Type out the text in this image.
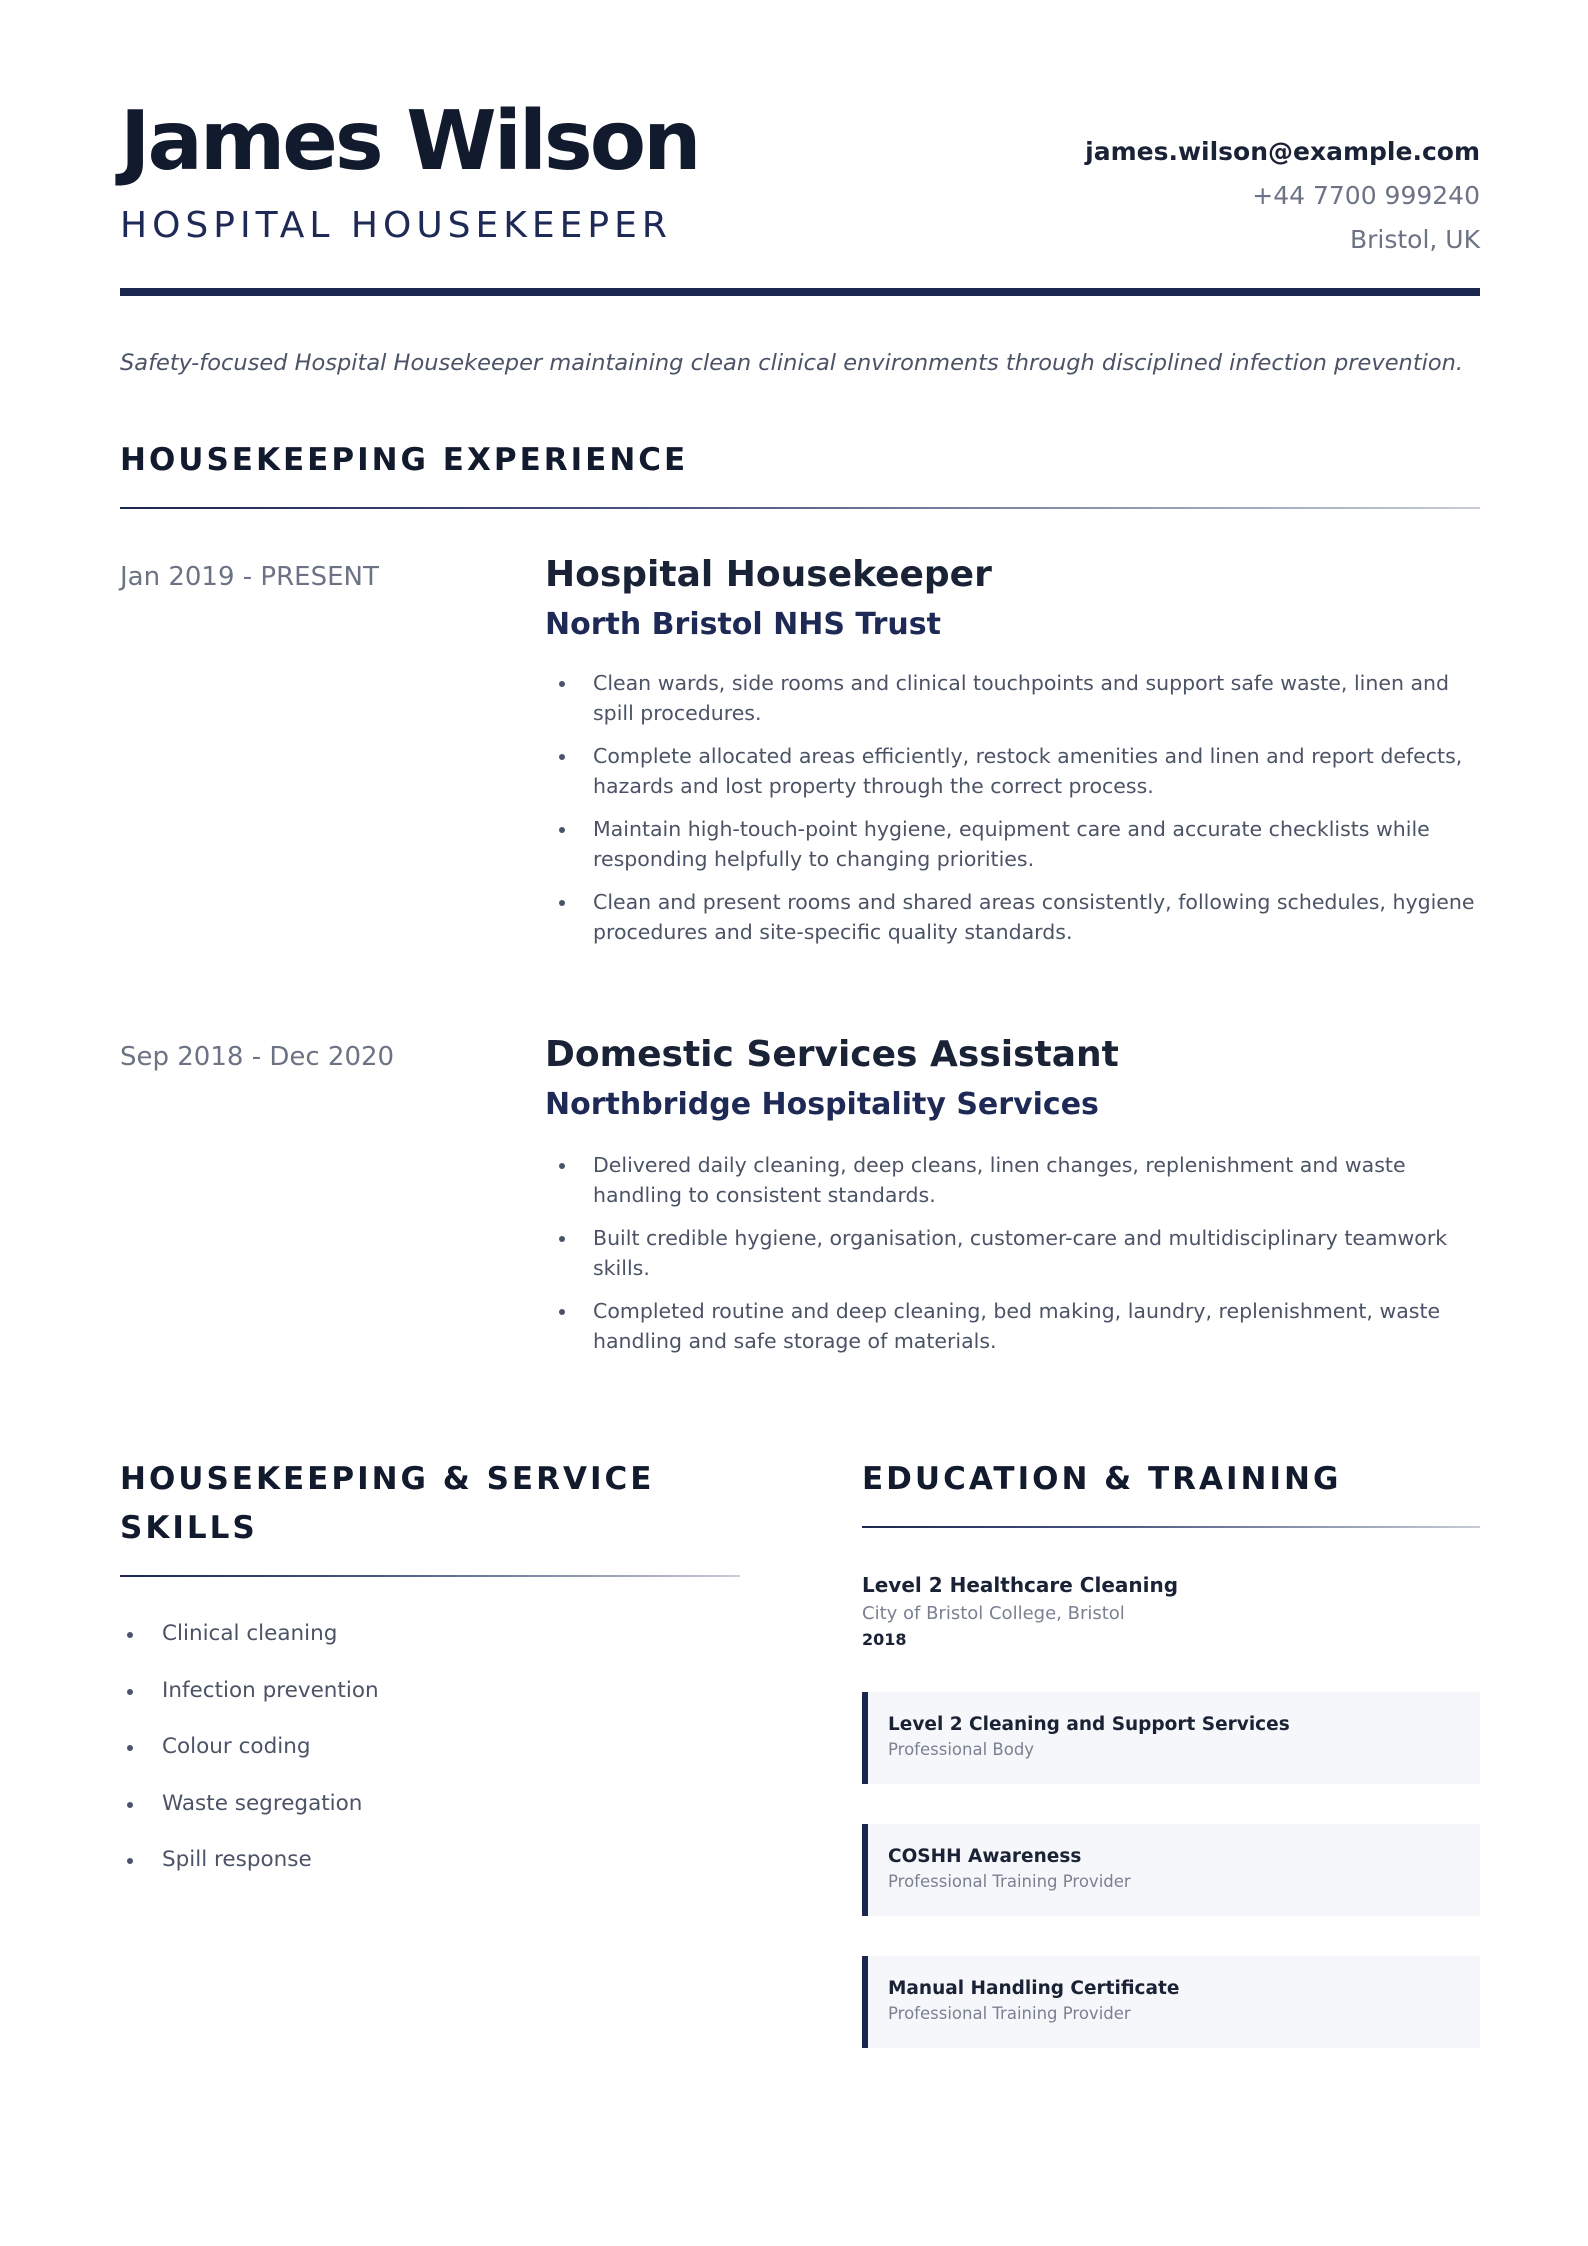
James Wilson
HOSPITAL HOUSEKEEPER
james.wilson@example.com
+44 7700 999240
Bristol, UK
Safety-focused Hospital Housekeeper maintaining clean clinical environments through disciplined infection prevention.
HOUSEKEEPING EXPERIENCE
Jan 2019 - PRESENT	Hospital Housekeeper
North Bristol NHS Trust
Clean wards, side rooms and clinical touchpoints and support safe waste, linen and spill procedures.
Complete allocated areas efficiently, restock amenities and linen and report defects, hazards and lost property through the correct process.
Maintain high-touch-point hygiene, equipment care and accurate checklists while responding helpfully to changing priorities.
Clean and present rooms and shared areas consistently, following schedules, hygiene procedures and site-specific quality standards.
Sep 2018 - Dec 2020	Domestic Services Assistant
Northbridge Hospitality Services
Delivered daily cleaning, deep cleans, linen changes, replenishment and waste handling to consistent standards.
Built credible hygiene, organisation, customer-care and multidisciplinary teamwork skills.
Completed routine and deep cleaning, bed making, laundry, replenishment, waste handling and safe storage of materials.
HOUSEKEEPING & SERVICE
SKILLS
Clinical cleaning
Infection prevention
Colour coding
Waste segregation
Spill response
EDUCATION & TRAINING
Level 2 Healthcare Cleaning
City of Bristol College, Bristol
2018
Level 2 Cleaning and Support Services
Professional Body
COSHH Awareness
Professional Training Provider
Manual Handling Certificate
Professional Training Provider
